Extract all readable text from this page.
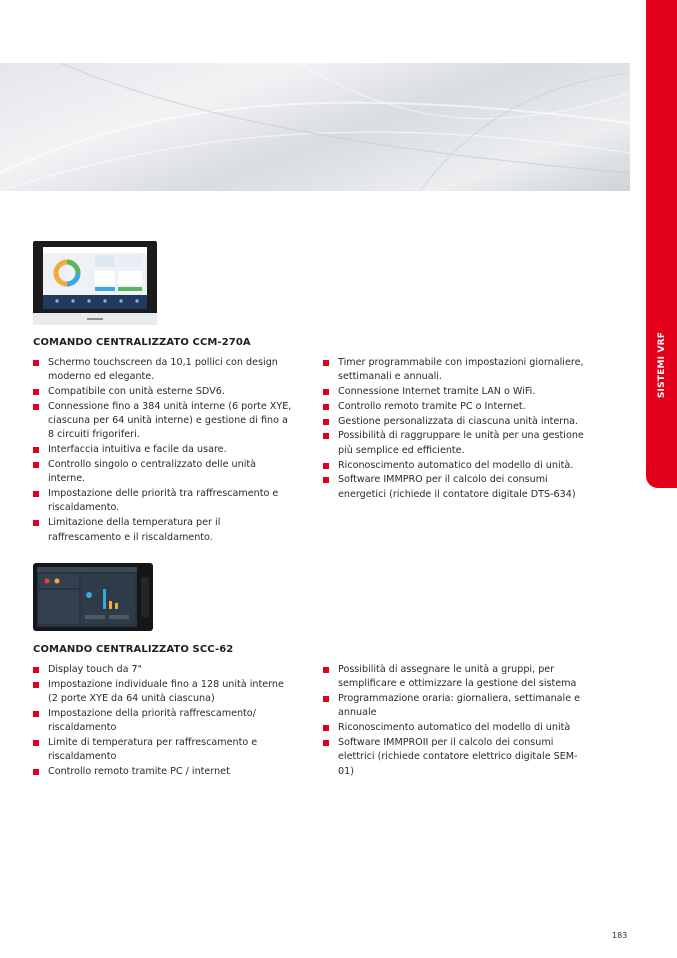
SISTEMI VRF
COMANDO CENTRALIZZATO CCM-270A
Schermo touchscreen da 10,1 pollici con design moderno ed elegante.
Compatibile con unità esterne SDV6.
Connessione fino a 384 unità interne (6 porte XYE, ciascuna per 64 unità interne) e gestione di fino a 8 circuiti frigoriferi.
Interfaccia intuitiva e facile da usare.
Controllo singolo o centralizzato delle unità interne.
Impostazione delle priorità tra raffrescamento e riscaldamento.
Limitazione della temperatura per il raffrescamento e il riscaldamento.
Timer programmabile con impostazioni giornaliere, settimanali e annuali.
Connessione Internet tramite LAN o WiFi.
Controllo remoto tramite PC o Internet.
Gestione personalizzata di ciascuna unità interna.
Possibilità di raggruppare le unità per una gestione più semplice ed efficiente.
Riconoscimento automatico del modello di unità.
Software IMMPRO per il calcolo dei consumi energetici (richiede il contatore digitale DTS-634)
COMANDO CENTRALIZZATO SCC-62
Display touch da 7"
Impostazione individuale fino a 128 unità interne (2 porte XYE da 64 unità ciascuna)
Impostazione della priorità raffrescamento/ riscaldamento
Limite di temperatura per raffrescamento e riscaldamento
Controllo remoto tramite PC / internet
Possibilità di assegnare le unità a gruppi, per semplificare e ottimizzare la gestione del sistema
Programmazione oraria: giornaliera, settimanale e annuale
Riconoscimento automatico del modello di unità
Software IMMPROII per il calcolo dei consumi elettrici (richiede contatore elettrico digitale SEM-01)
183
